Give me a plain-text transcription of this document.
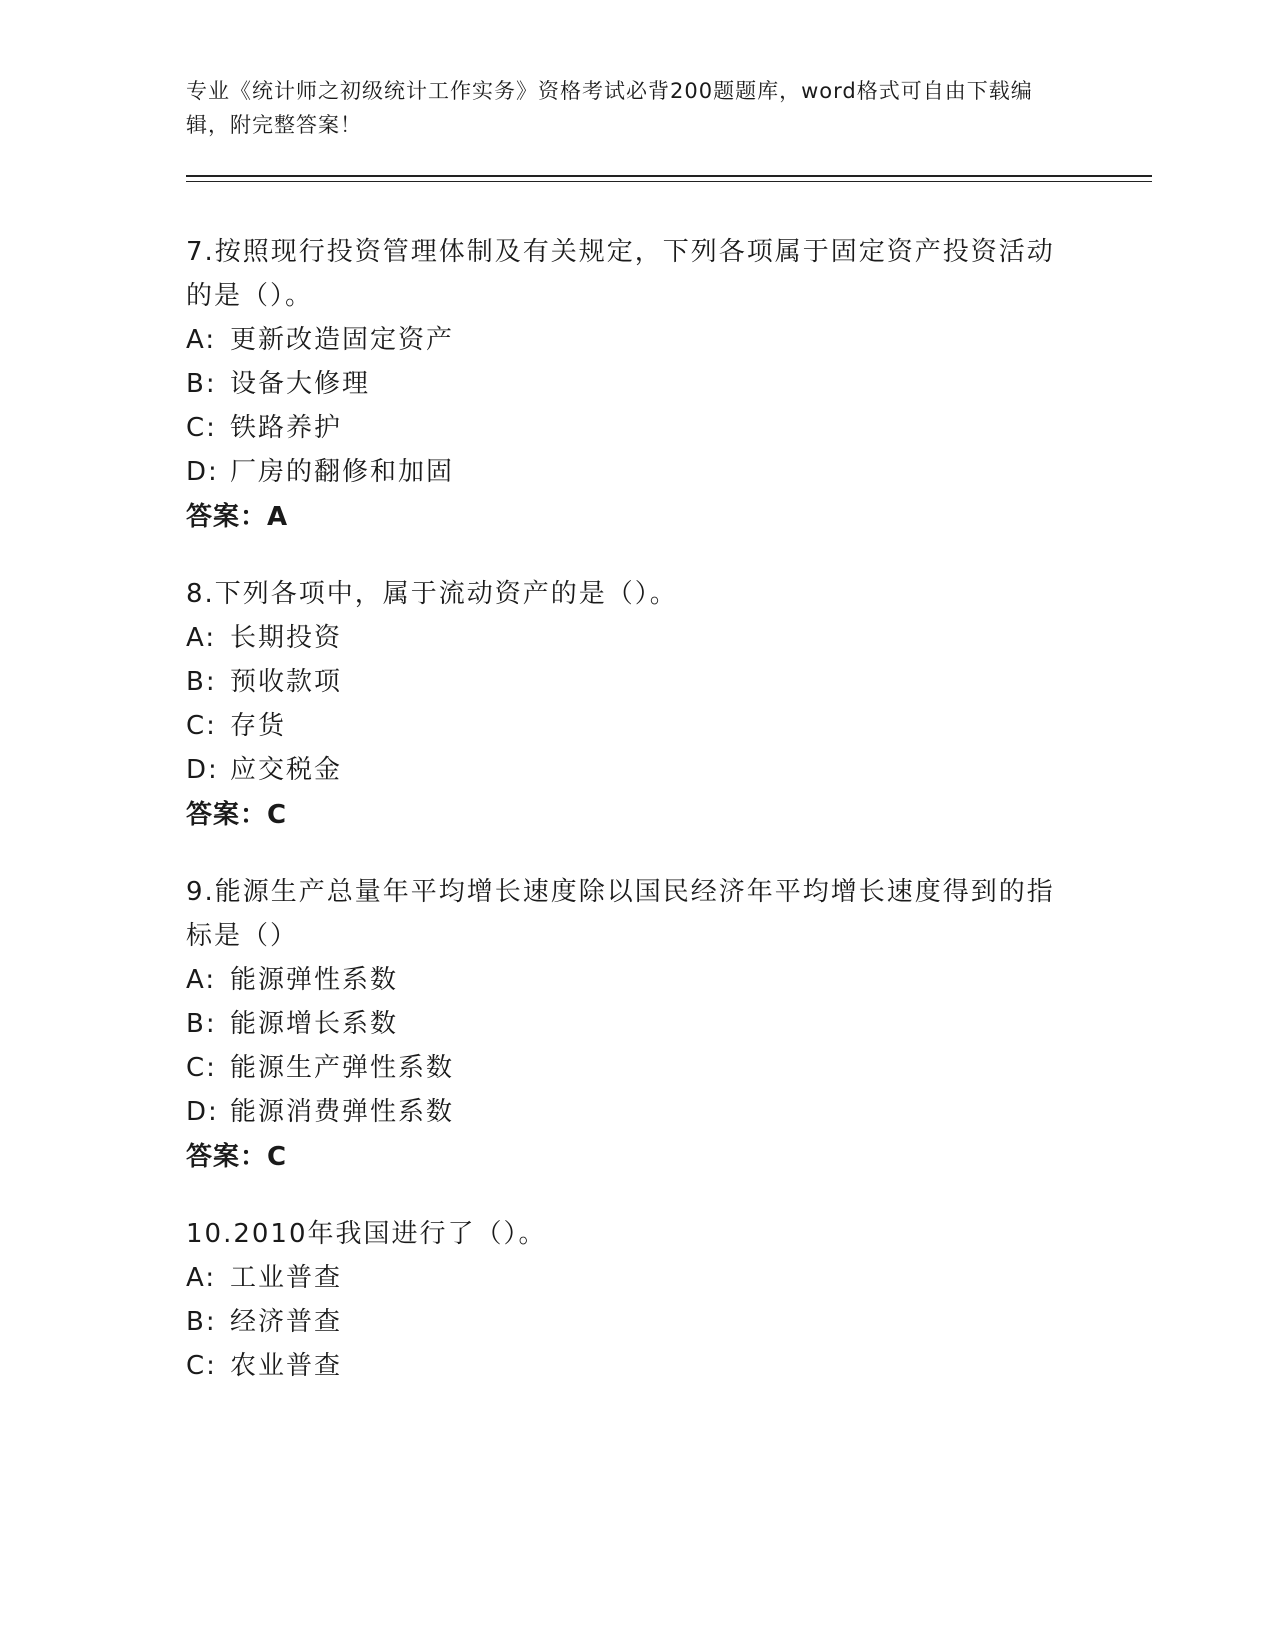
专业《统计师之初级统计工作实务》资格考试必背200题题库，word格式可自由下载编辑，附完整答案！
7.按照现行投资管理体制及有关规定，下列各项属于固定资产投资活动的是（）。
A: 更新改造固定资产
B: 设备大修理
C: 铁路养护
D: 厂房的翻修和加固
答案：A
8.下列各项中，属于流动资产的是（）。
A: 长期投资
B: 预收款项
C: 存货
D: 应交税金
答案：C
9.能源生产总量年平均增长速度除以国民经济年平均增长速度得到的指标是（）
A: 能源弹性系数
B: 能源增长系数
C: 能源生产弹性系数
D: 能源消费弹性系数
答案：C
10.2010年我国进行了（）。
A: 工业普查
B: 经济普查
C: 农业普查
